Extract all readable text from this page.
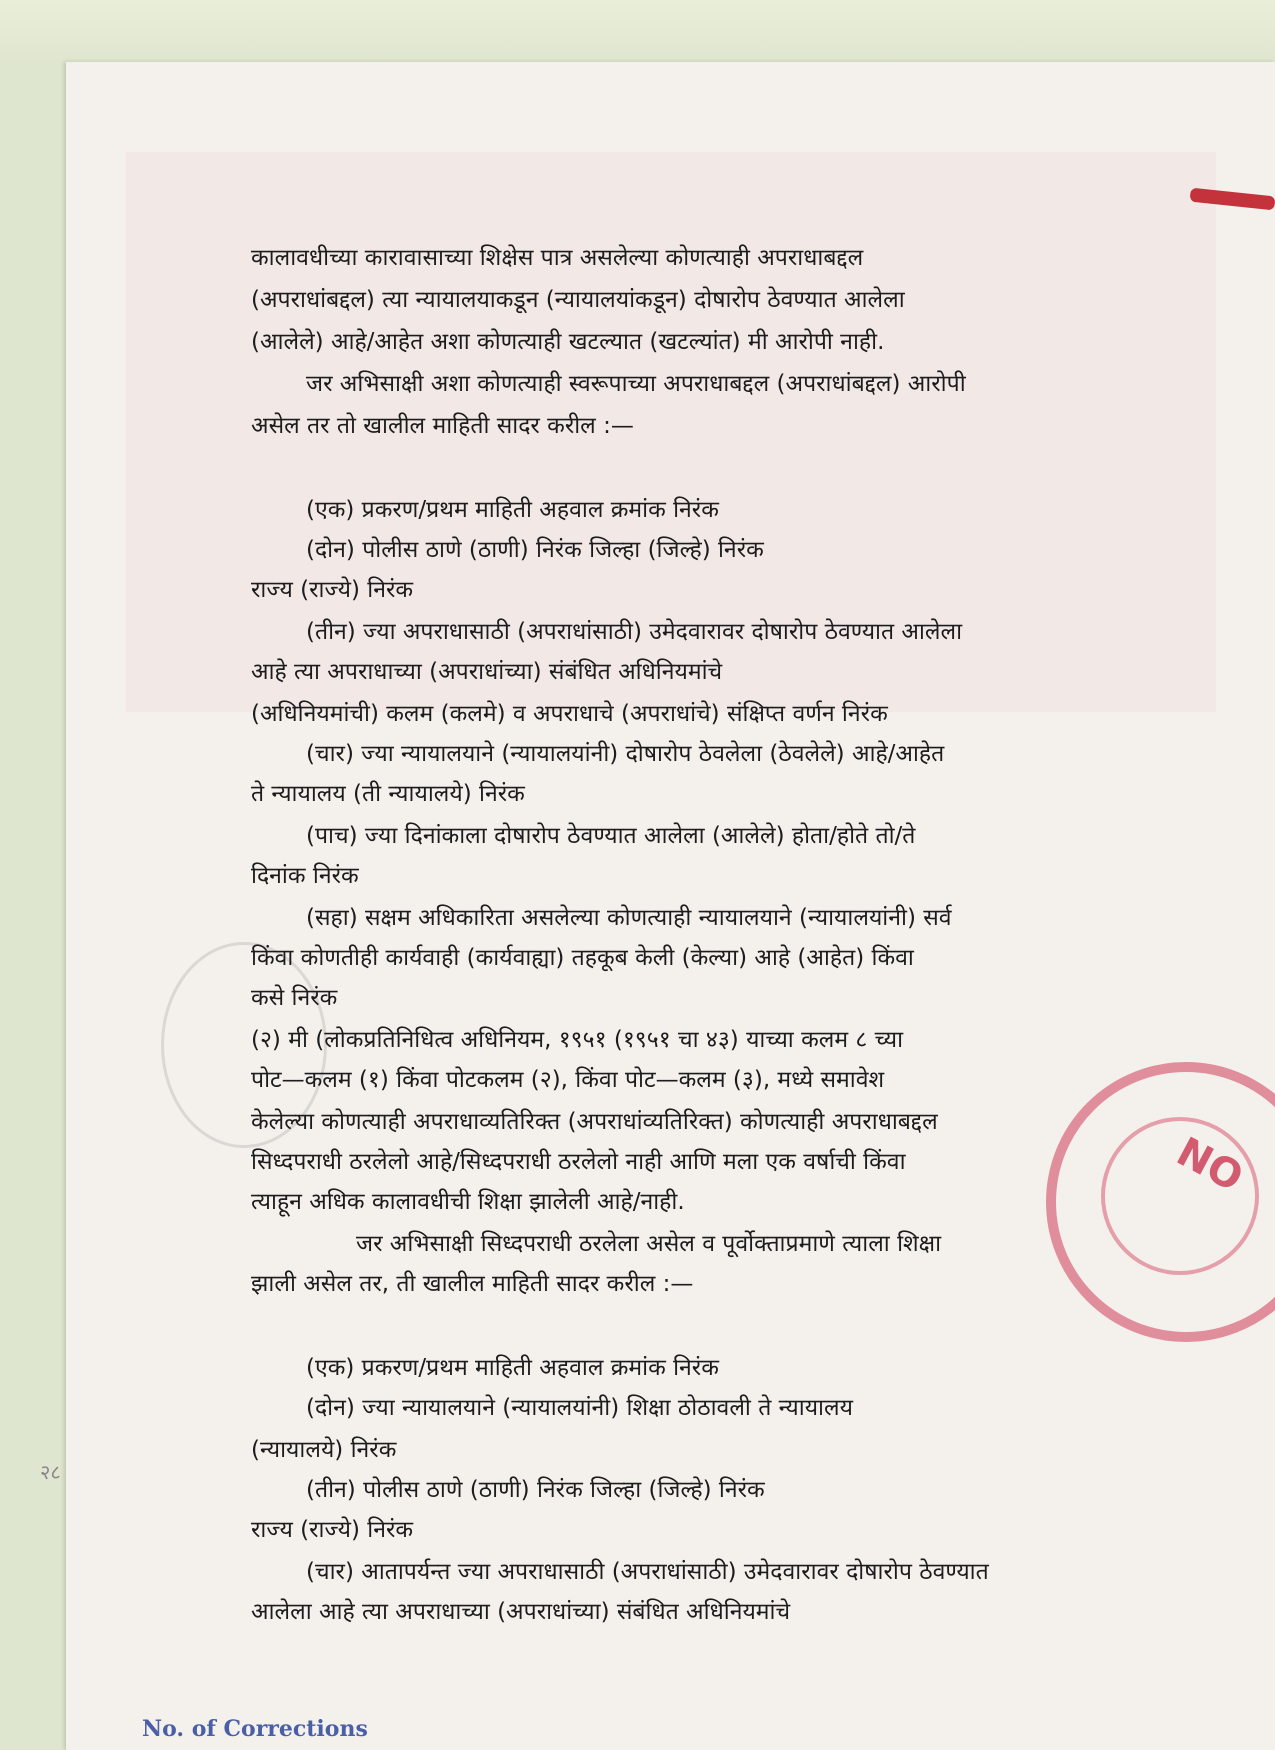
कालावधीच्या कारावासाच्या शिक्षेस पात्र असलेल्या कोणत्याही अपराधाबद्दल

(अपराधांबद्दल) त्या न्यायालयाकडून (न्यायालयांकडून) दोषारोप ठेवण्यात आलेला

(आलेले) आहे/आहेत अशा कोणत्याही खटल्यात (खटल्यांत) मी आरोपी नाही.

जर अभिसाक्षी अशा कोणत्याही स्वरूपाच्या अपराधाबद्दल (अपराधांबद्दल) आरोपी

असेल तर तो खालील माहिती सादर करील :—

(एक) प्रकरण/प्रथम माहिती अहवाल क्रमांक निरंक

(दोन) पोलीस ठाणे (ठाणी) निरंक जिल्हा (जिल्हे) निरंक

राज्य (राज्ये) निरंक

(तीन) ज्या अपराधासाठी (अपराधांसाठी) उमेदवारावर दोषारोप ठेवण्यात आलेला

आहे त्या अपराधाच्या (अपराधांच्या) संबंधित अधिनियमांचे

(अधिनियमांची) कलम (कलमे) व अपराधाचे (अपराधांचे) संक्षिप्त वर्णन निरंक

(चार) ज्या न्यायालयाने (न्यायालयांनी) दोषारोप ठेवलेला (ठेवलेले) आहे/आहेत

ते न्यायालय (ती न्यायालये) निरंक

(पाच) ज्या दिनांकाला दोषारोप ठेवण्यात आलेला (आलेले) होता/होते तो/ते

दिनांक निरंक

(सहा) सक्षम अधिकारिता असलेल्या कोणत्याही न्यायालयाने (न्यायालयांनी) सर्व

किंवा कोणतीही कार्यवाही (कार्यवाह्या) तहकूब केली (केल्या) आहे (आहेत) किंवा

कसे निरंक

(२) मी (लोकप्रतिनिधित्व अधिनियम, १९५१ (१९५१ चा ४३) याच्या कलम ८ च्या

पोट—कलम (१) किंवा पोटकलम (२), किंवा पोट—कलम (३), मध्ये समावेश

केलेल्या कोणत्याही अपराधाव्यतिरिक्त (अपराधांव्यतिरिक्त) कोणत्याही अपराधाबद्दल

सिध्दपराधी ठरलेलो आहे/सिध्दपराधी ठरलेलो नाही आणि मला एक वर्षाची किंवा

त्याहून अधिक कालावधीची शिक्षा झालेली आहे/नाही.

जर अभिसाक्षी सिध्दपराधी ठरलेला असेल व पूर्वोक्ताप्रमाणे त्याला शिक्षा

झाली असेल तर, ती खालील माहिती सादर करील :—

(एक) प्रकरण/प्रथम माहिती अहवाल क्रमांक निरंक

(दोन) ज्या न्यायालयाने (न्यायालयांनी) शिक्षा ठोठावली ते न्यायालय

(न्यायालये) निरंक

(तीन) पोलीस ठाणे (ठाणी) निरंक जिल्हा (जिल्हे) निरंक

राज्य (राज्ये) निरंक

(चार) आतापर्यन्त ज्या अपराधासाठी (अपराधांसाठी) उमेदवारावर दोषारोप ठेवण्यात

आलेला आहे त्या अपराधाच्या (अपराधांच्या) संबंधित अधिनियमांचे

NO
२८
No. of Corrections
